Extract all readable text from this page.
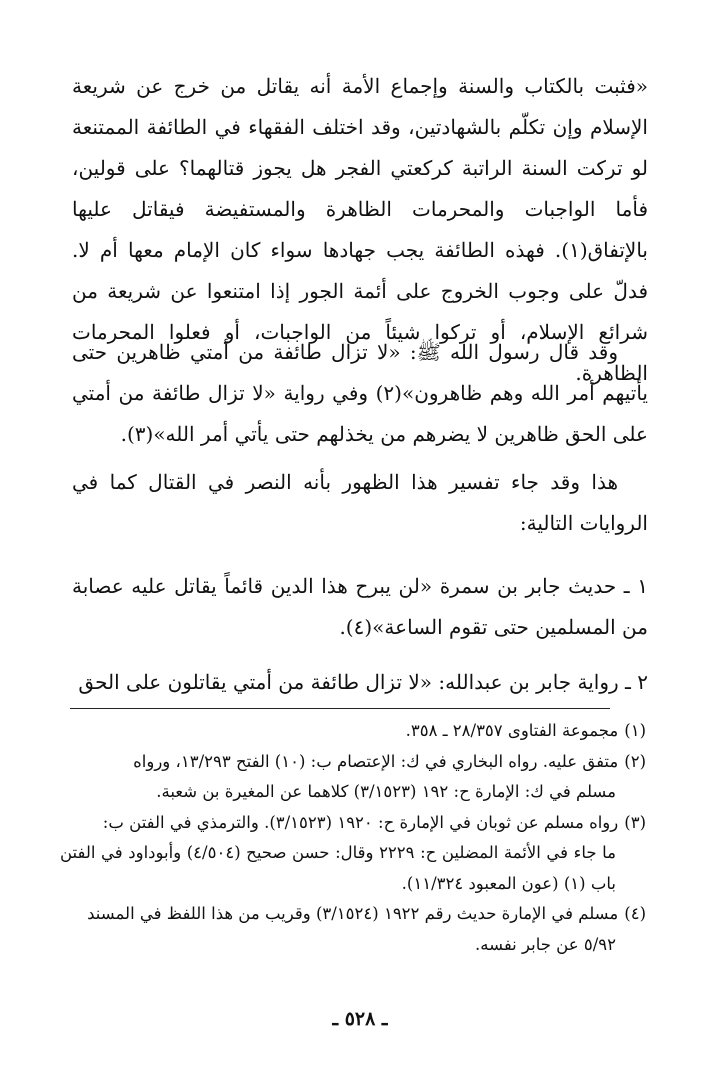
«فثبت بالكتاب والسنة وإجماع الأمة أنه يقاتل من خرج عن شريعة الإسلام وإن تكلّم بالشهادتين، وقد اختلف الفقهاء في الطائفة الممتنعة لو تركت السنة الراتبة كركعتي الفجر هل يجوز قتالهما؟ على قولين، فأما الواجبات والمحرمات الظاهرة والمستفيضة فيقاتل عليها بالإتفاق(١). فهذه الطائفة يجب جهادها سواء كان الإمام معها أم لا. فدلّ على وجوب الخروج على أئمة الجور إذا امتنعوا عن شريعة من شرائع الإسلام، أو تركوا شيئاً من الواجبات، أو فعلوا المحرمات الظاهرة.

وقد قال رسول الله ﷺ: «لا تزال طائفة من أمتي ظاهرين حتى يأتيهم أمر الله وهم ظاهرون»(٢) وفي رواية «لا تزال طائفة من أمتي على الحق ظاهرين لا يضرهم من يخذلهم حتى يأتي أمر الله»(٣).

هذا وقد جاء تفسير هذا الظهور بأنه النصر في القتال كما في الروايات التالية:

١ ـ حديث جابر بن سمرة «لن يبرح هذا الدين قائماً يقاتل عليه عصابة من المسلمين حتى تقوم الساعة»(٤).

٢ ـ رواية جابر بن عبدالله: «لا تزال طائفة من أمتي يقاتلون على الحق

(١)مجموعة الفتاوى ٢٨/٣٥٧ ـ ٣٥٨.
(٢)متفق عليه. رواه البخاري في ك: الإعتصام ب: (١٠) الفتح ١٣/٢٩٣، ورواه
مسلم في ك: الإمارة ح: ١٩٢ (٣/١٥٢٣) كلاهما عن المغيرة بن شعبة.
(٣)رواه مسلم عن ثوبان في الإمارة ح: ١٩٢٠ (٣/١٥٢٣). والترمذي في الفتن ب:
ما جاء في الأئمة المضلين ح: ٢٢٢٩ وقال: حسن صحيح (٤/٥٠٤) وأبوداود في الفتن باب (١) (عون المعبود ١١/٣٢٤).
(٤)مسلم في الإمارة حديث رقم ١٩٢٢ (٣/١٥٢٤) وقريب من هذا اللفظ في المسند
٥/٩٢ عن جابر نفسه.
ـ ٥٢٨ ـ
